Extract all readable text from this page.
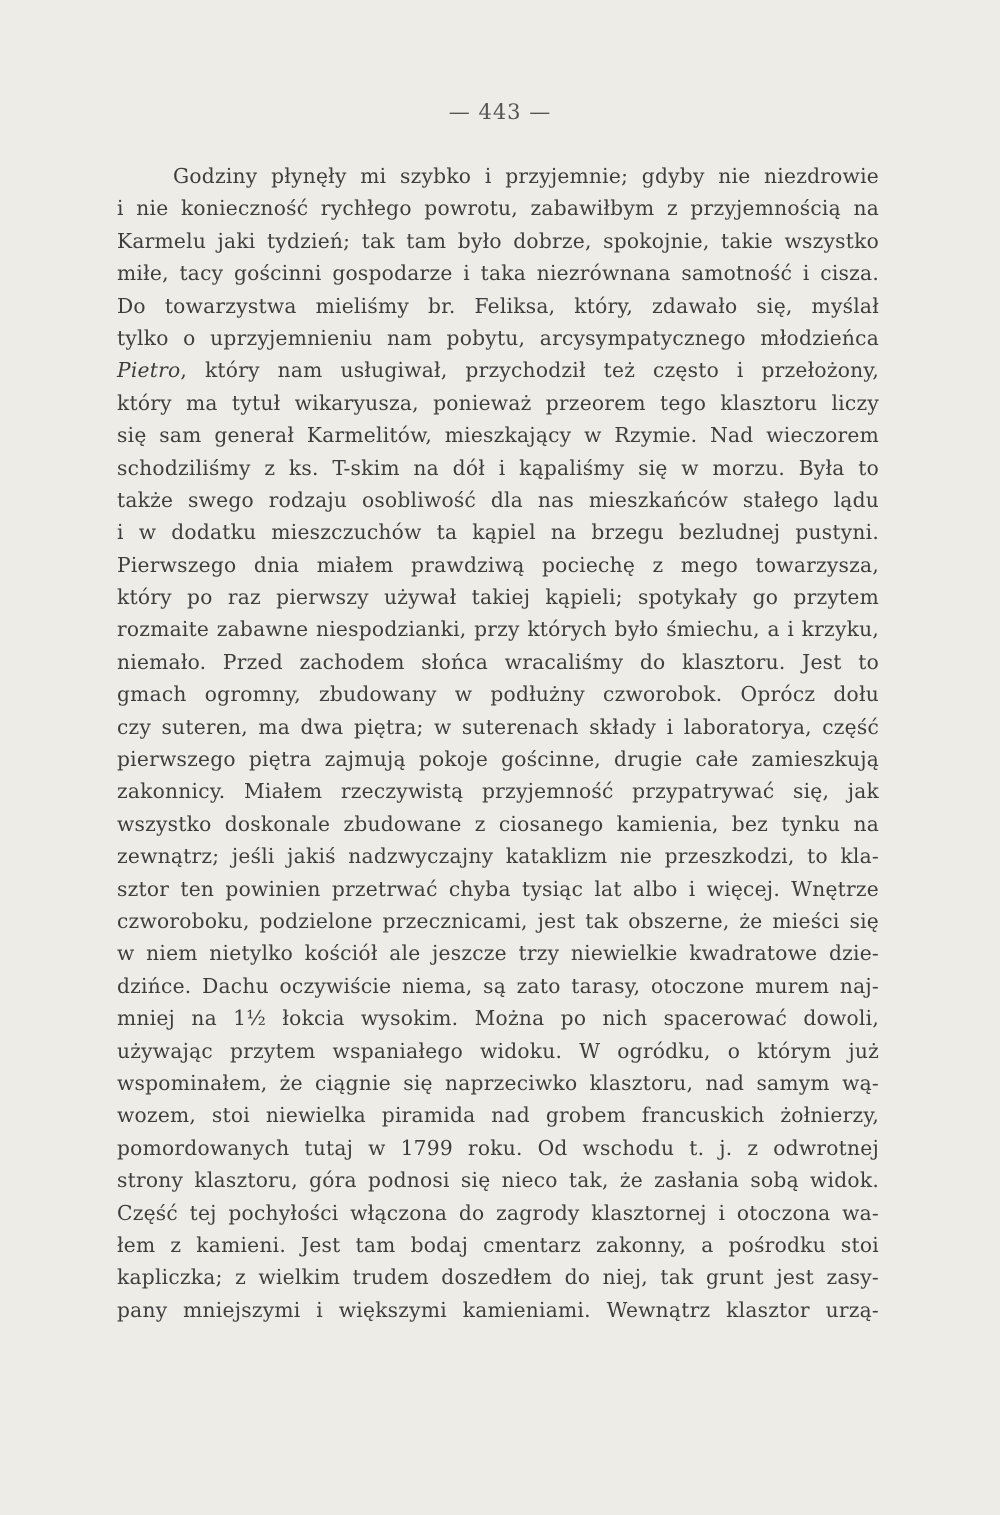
— 443 —
Godziny płynęły mi szybko i przyjemnie; gdyby nie niezdrowie
i nie konieczność rychłego powrotu, zabawiłbym z przyjemnością na
Karmelu jaki tydzień; tak tam było dobrze, spokojnie, takie wszystko
miłe, tacy gościnni gospodarze i taka niezrównana samotność i cisza.
Do towarzystwa mieliśmy br. Feliksa, który, zdawało się, myślał
tylko o uprzyjemnieniu nam pobytu, arcysympatycznego młodzieńca
Pietro, który nam usługiwał, przychodził też często i przełożony,
który ma tytuł wikaryusza, ponieważ przeorem tego klasztoru liczy
się sam generał Karmelitów, mieszkający w Rzymie. Nad wieczorem
schodziliśmy z ks. T-skim na dół i kąpaliśmy się w morzu. Była to
także swego rodzaju osobliwość dla nas mieszkańców stałego lądu
i w dodatku mieszczuchów ta kąpiel na brzegu bezludnej pustyni.
Pierwszego dnia miałem prawdziwą pociechę z mego towarzysza,
który po raz pierwszy używał takiej kąpieli; spotykały go przytem
rozmaite zabawne niespodzianki, przy których było śmiechu, a i krzyku,
niemało. Przed zachodem słońca wracaliśmy do klasztoru. Jest to
gmach ogromny, zbudowany w podłużny czworobok. Oprócz dołu
czy suteren, ma dwa piętra; w suterenach składy i laboratorya, część
pierwszego piętra zajmują pokoje gościnne, drugie całe zamieszkują
zakonnicy. Miałem rzeczywistą przyjemność przypatrywać się, jak
wszystko doskonale zbudowane z ciosanego kamienia, bez tynku na
zewnątrz; jeśli jakiś nadzwyczajny kataklizm nie przeszkodzi, to kla-
sztor ten powinien przetrwać chyba tysiąc lat albo i więcej. Wnętrze
czworoboku, podzielone przecznicami, jest tak obszerne, że mieści się
w niem nietylko kościół ale jeszcze trzy niewielkie kwadratowe dzie-
dzińce. Dachu oczywiście niema, są zato tarasy, otoczone murem naj-
mniej na 1½ łokcia wysokim. Można po nich spacerować dowoli,
używając przytem wspaniałego widoku. W ogródku, o którym już
wspominałem, że ciągnie się naprzeciwko klasztoru, nad samym wą-
wozem, stoi niewielka piramida nad grobem francuskich żołnierzy,
pomordowanych tutaj w 1799 roku. Od wschodu t. j. z odwrotnej
strony klasztoru, góra podnosi się nieco tak, że zasłania sobą widok.
Część tej pochyłości włączona do zagrody klasztornej i otoczona wa-
łem z kamieni. Jest tam bodaj cmentarz zakonny, a pośrodku stoi
kapliczka; z wielkim trudem doszedłem do niej, tak grunt jest zasy-
pany mniejszymi i większymi kamieniami. Wewnątrz klasztor urzą-
